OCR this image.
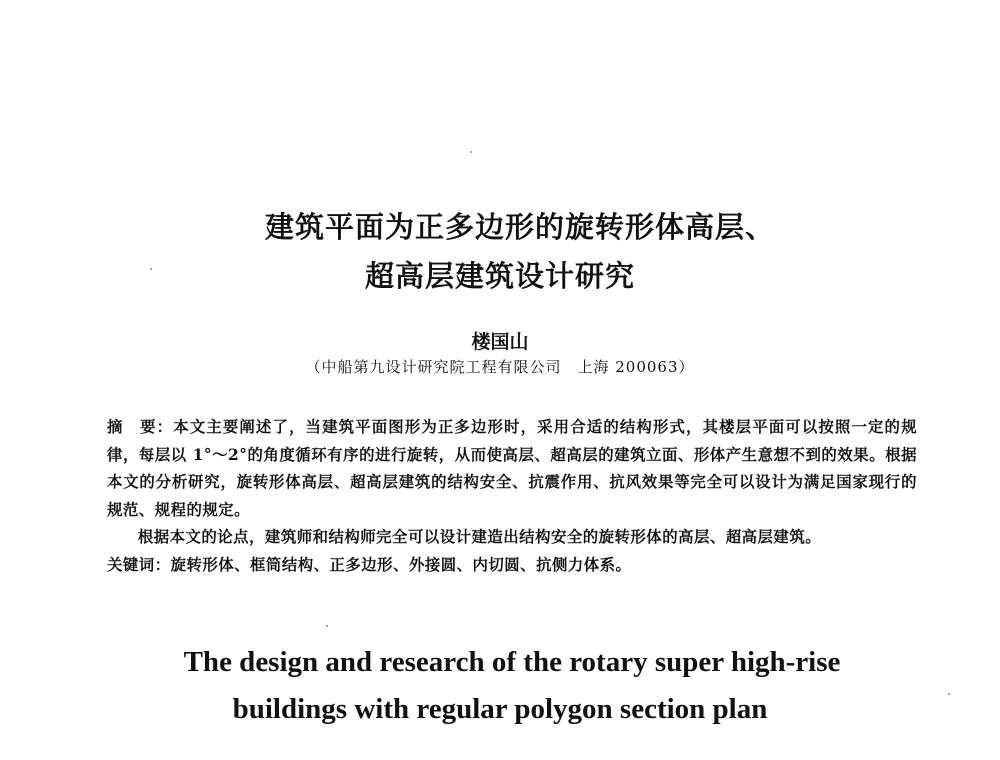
建筑平面为正多边形的旋转形体高层、
超高层建筑设计研究
楼国山
（中船第九设计研究院工程有限公司　上海 200063）

摘　要：本文主要阐述了，当建筑平面图形为正多边形时，采用合适的结构形式，其楼层平面可以按照一定的规律，每层以 1°～2°的角度循环有序的进行旋转，从而使高层、超高层的建筑立面、形体产生意想不到的效果。根据本文的分析研究，旋转形体高层、超高层建筑的结构安全、抗震作用、抗风效果等完全可以设计为满足国家现行的规范、规程的规定。

根据本文的论点，建筑师和结构师完全可以设计建造出结构安全的旋转形体的高层、超高层建筑。

关键词：旋转形体、框筒结构、正多边形、外接圆、内切圆、抗侧力体系。

The design and research of the rotary super high-rise
buildings with regular polygon section plan
